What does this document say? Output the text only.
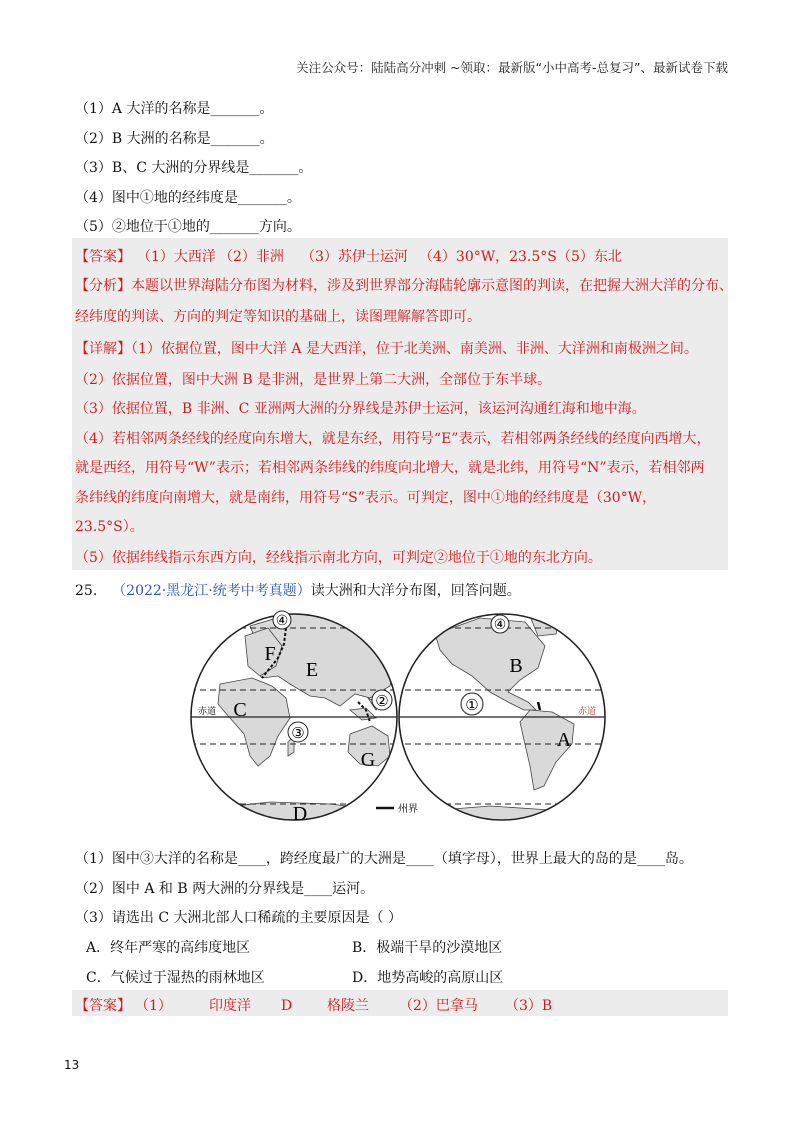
关注公众号：陆陆高分冲刺 ~领取：最新版“小中高考-总复习”、最新试卷下载
（1）A 大洋的名称是_______。
（2）B 大洲的名称是_______。
（3）B、C 大洲的分界线是_______。
（4）图中①地的经纬度是_______。
（5）②地位于①地的_______方向。
【答案】 （1）大西洋 （2）非洲 （3）苏伊士运河 （4）30°W，23.5°S（5）东北
【分析】本题以世界海陆分布图为材料，涉及到世界部分海陆轮廓示意图的判读，在把握大洲大洋的分布、
经纬度的判读、方向的判定等知识的基础上，读图理解解答即可。
【详解】（1）依据位置，图中大洋 A 是大西洋，位于北美洲、南美洲、非洲、大洋洲和南极洲之间。
（2）依据位置，图中大洲 B 是非洲，是世界上第二大洲，全部位于东半球。
（3）依据位置，B 非洲、C 亚洲两大洲的分界线是苏伊士运河，该运河沟通红海和地中海。
（4）若相邻两条经线的经度向东增大，就是东经，用符号“E”表示，若相邻两条经线的经度向西增大，
就是西经，用符号“W”表示；若相邻两条纬线的纬度向北增大，就是北纬，用符号“N”表示，若相邻两
条纬线的纬度向南增大，就是南纬，用符号“S”表示。可判定，图中①地的经纬度是（30°W，
23.5°S）。
（5）依据纬线指示东西方向，经线指示南北方向，可判定②地位于①地的东北方向。
25. （2022·黑龙江·统考中考真题）读大洲和大洋分布图，回答问题。
④
F
E
②
C
③
G
D
赤道
④
B
①
A
赤道
州界
（1）图中③大洋的名称是____，跨经度最广的大洲是____（填字母），世界上最大的岛的是____岛。
（2）图中 A 和 B 两大洲的分界线是____运河。
（3）请选出 C 大洲北部人口稀疏的主要原因是（ ）
A．终年严寒的高纬度地区	B．极端干旱的沙漠地区
C．气候过于湿热的雨林地区	D．地势高峻的高原山区
【答案】 （1）	印度洋 D 格陵兰 （2）巴拿马 （3）B
13
